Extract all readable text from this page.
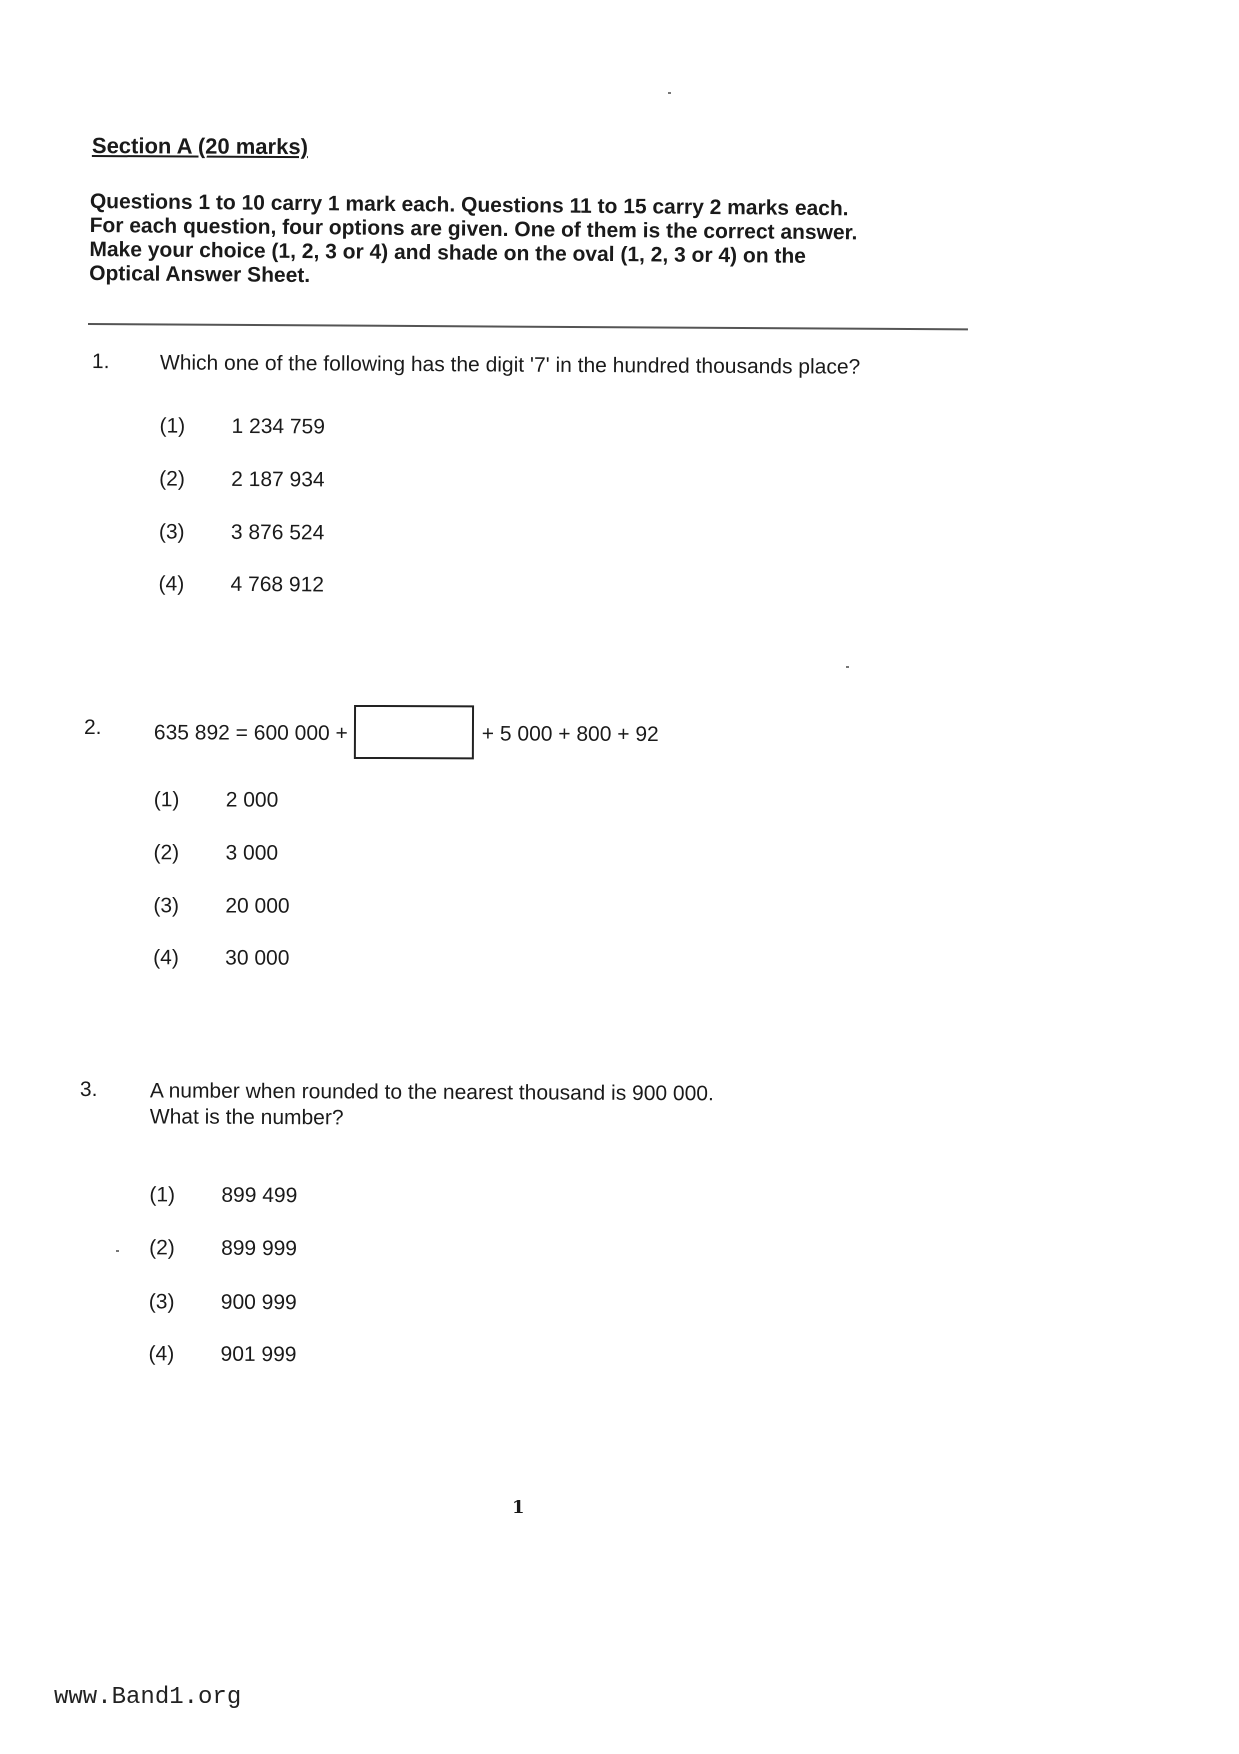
Section A (20 marks)
Questions 1 to 10 carry 1 mark each. Questions 11 to 15 carry 2 marks each.
For each question, four options are given. One of them is the correct answer.
Make your choice (1, 2, 3 or 4) and shade on the oval (1, 2, 3 or 4) on the
Optical Answer Sheet.
1. Which one of the following has the digit '7' in the hundred thousands place?
(1) 1 234 759
(2) 2 187 934
(3) 3 876 524
(4) 4 768 912
2. 635 892 = 600 000 +	+ 5 000 + 800 + 92
(1) 2 000
(2) 3 000
(3) 20 000
(4) 30 000
3. A number when rounded to the nearest thousand is 900 000.
What is the number?
(1) 899 499
(2) 899 999
(3) 900 999
(4) 901 999
1
www.Band1.org
